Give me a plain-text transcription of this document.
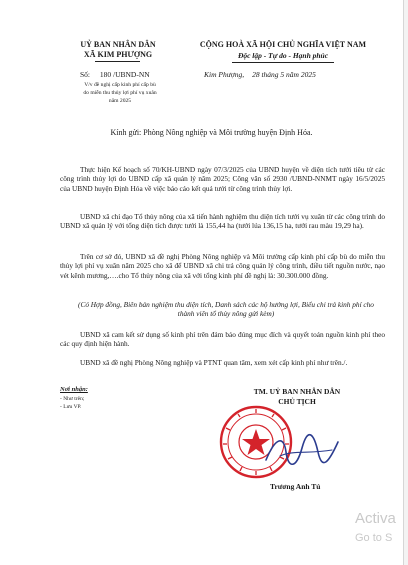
UỶ BAN NHÂN DÂN
XÃ KIM PHƯỢNG
Số: 180 /UBND-NN
V/v đề nghị cấp kinh phí cấp bù
do miễn thu thủy lợi phí vụ xuân
năm 2025
CỘNG HOÀ XÃ HỘI CHỦ NGHĨA VIỆT NAM
Độc lập - Tự do - Hạnh phúc
Kim Phượng, 28 tháng 5 năm 2025
Kính gửi: Phòng Nông nghiệp và Môi trường huyện Định Hóa.
Thực hiện Kế hoạch số 70/KH-UBND ngày 07/3/2025 của UBND huyện về diện tích tưới tiêu từ các công trình thủy lợi do UBND cấp xã quản lý năm 2025; Công văn số 2930 /UBND-NNMT ngày 16/5/2025 của UBND huyện Định Hóa về việc báo cáo kết quả tưới từ công trình thủy lợi.
UBND xã chỉ đạo Tổ thủy nông của xã tiến hành nghiệm thu diện tích tưới vụ xuân từ các công trình do UBND xã quản lý với tổng diện tích được tưới là 155,44 ha (tưới lúa 136,15 ha, tưới rau màu 19,29 ha).
Trên cơ sở đó, UBND xã đề nghị Phòng Nông nghiệp và Môi trường cấp kinh phí cấp bù do miễn thu thủy lợi phí vụ xuân năm 2025 cho xã để UBND xã chi trả công quản lý công trình, điều tiết nguồn nước, nạo vét kênh mương,….cho Tổ thủy nông của xã với tổng kinh phí đề nghị là: 30.300.000 đồng.
(Có Hợp đồng, Biên bản nghiệm thu diện tích, Danh sách các hộ hưởng lợi, Biểu chi trả kinh phí cho thành viên tổ thủy nông gửi kèm)
UBND xã cam kết sử dụng số kinh phí trên đảm bảo đúng mục đích và quyết toán nguồn kinh phí theo các quy định hiện hành.
UBND xã đề nghị Phòng Nông nghiệp và PTNT quan tâm, xem xét cấp kinh phí như trên./.
Nơi nhận:
- Như trên;
- Lưu VP.
TM. UỶ BAN NHÂN DÂN
CHỦ TỊCH
Trương Anh Tú
Activa
Go to S
